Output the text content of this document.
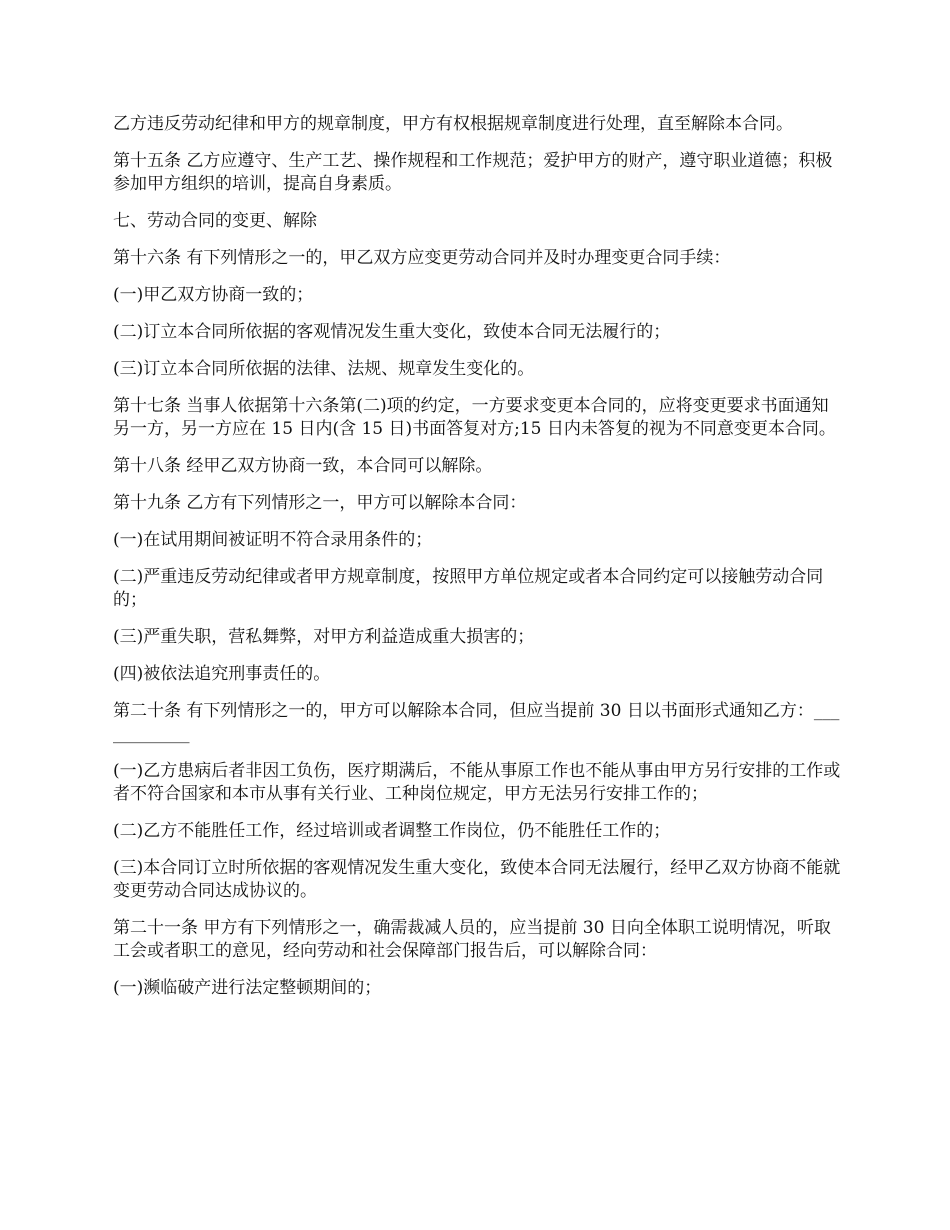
乙方违反劳动纪律和甲方的规章制度，甲方有权根据规章制度进行处理，直至解除本合同。

第十五条 乙方应遵守、生产工艺、操作规程和工作规范；爱护甲方的财产，遵守职业道德；积极参加甲方组织的培训，提高自身素质。

七、劳动合同的变更、解除

第十六条 有下列情形之一的，甲乙双方应变更劳动合同并及时办理变更合同手续：

(一)甲乙双方协商一致的；

(二)订立本合同所依据的客观情况发生重大变化，致使本合同无法履行的；

(三)订立本合同所依据的法律、法规、规章发生变化的。

第十七条 当事人依据第十六条第(二)项的约定，一方要求变更本合同的，应将变更要求书面通知另一方，另一方应在 15 日内(含 15 日)书面答复对方;15 日内未答复的视为不同意变更本合同。

第十八条 经甲乙双方协商一致，本合同可以解除。

第十九条 乙方有下列情形之一，甲方可以解除本合同：

(一)在试用期间被证明不符合录用条件的；

(二)严重违反劳动纪律或者甲方规章制度，按照甲方单位规定或者本合同约定可以接触劳动合同的；

(三)严重失职，营私舞弊，对甲方利益造成重大损害的；

(四)被依法追究刑事责任的。

第二十条 有下列情形之一的，甲方可以解除本合同，但应当提前 30 日以书面形式通知乙方：____________

(一)乙方患病后者非因工负伤，医疗期满后，不能从事原工作也不能从事由甲方另行安排的工作或者不符合国家和本市从事有关行业、工种岗位规定，甲方无法另行安排工作的；

(二)乙方不能胜任工作，经过培训或者调整工作岗位，仍不能胜任工作的；

(三)本合同订立时所依据的客观情况发生重大变化，致使本合同无法履行，经甲乙双方协商不能就变更劳动合同达成协议的。

第二十一条 甲方有下列情形之一，确需裁减人员的，应当提前 30 日向全体职工说明情况，听取工会或者职工的意见，经向劳动和社会保障部门报告后，可以解除合同：

(一)濒临破产进行法定整顿期间的；
